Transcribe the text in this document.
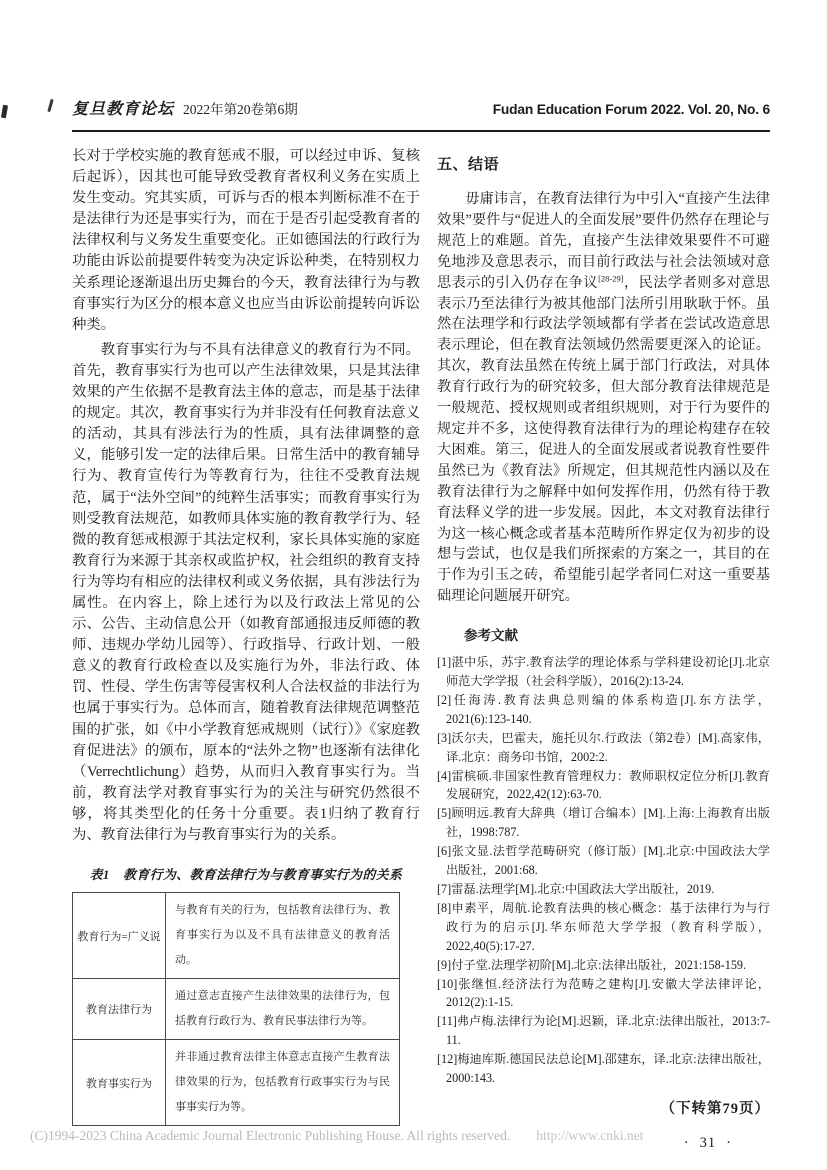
复旦教育论坛 2022年第20卷第6期	Fudan Education Forum 2022. Vol. 20, No. 6

长对于学校实施的教育惩戒不服，可以经过申诉、复核后起诉），因其也可能导致受教育者权利义务在实质上发生变动。究其实质，可诉与否的根本判断标准不在于是法律行为还是事实行为，而在于是否引起受教育者的法律权利与义务发生重要变化。正如德国法的行政行为功能由诉讼前提要件转变为决定诉讼种类，在特别权力关系理论逐渐退出历史舞台的今天，教育法律行为与教育事实行为区分的根本意义也应当由诉讼前提转向诉讼种类。

教育事实行为与不具有法律意义的教育行为不同。首先，教育事实行为也可以产生法律效果，只是其法律效果的产生依据不是教育法主体的意志，而是基于法律的规定。其次，教育事实行为并非没有任何教育法意义的活动，其具有涉法行为的性质，具有法律调整的意义，能够引发一定的法律后果。日常生活中的教育辅导行为、教育宣传行为等教育行为，往往不受教育法规范，属于“法外空间”的纯粹生活事实；而教育事实行为则受教育法规范，如教师具体实施的教育教学行为、轻微的教育惩戒根源于其法定权利，家长具体实施的家庭教育行为来源于其亲权或监护权，社会组织的教育支持行为等均有相应的法律权利或义务依据，具有涉法行为属性。在内容上，除上述行为以及行政法上常见的公示、公告、主动信息公开（如教育部通报违反师德的教师、违规办学幼儿园等）、行政指导、行政计划、一般意义的教育行政检查以及实施行为外，非法行政、体罚、性侵、学生伤害等侵害权利人合法权益的非法行为也属于事实行为。总体而言，随着教育法律规范调整范围的扩张，如《中小学教育惩戒规则（试行）》《家庭教育促进法》的颁布，原本的“法外之物”也逐渐有法律化（Verrechtlichung）趋势，从而归入教育事实行为。当前，教育法学对教育事实行为的关注与研究仍然很不够，将其类型化的任务十分重要。表1归纳了教育行为、教育法律行为与教育事实行为的关系。

表1　教育行为、教育法律行为与教育事实行为的关系
教育行为=广义说	与教育有关的行为，包括教育法律行为、教育事实行为以及不具有法律意义的教育活动。
教育法律行为	通过意志直接产生法律效果的法律行为，包括教育行政行为、教育民事法律行为等。
教育事实行为	并非通过教育法律主体意志直接产生教育法律效果的行为，包括教育行政事实行为与民事事实行为等。
五、结语

毋庸讳言，在教育法律行为中引入“直接产生法律效果”要件与“促进人的全面发展”要件仍然存在理论与规范上的难题。首先，直接产生法律效果要件不可避免地涉及意思表示，而目前行政法与社会法领域对意思表示的引入仍存在争议[28-29]，民法学者则多对意思表示乃至法律行为被其他部门法所引用耿耿于怀。虽然在法理学和行政法学领域都有学者在尝试改造意思表示理论，但在教育法领域仍然需要更深入的论证。其次，教育法虽然在传统上属于部门行政法，对具体教育行政行为的研究较多，但大部分教育法律规范是一般规范、授权规则或者组织规则，对于行为要件的规定并不多，这使得教育法律行为的理论构建存在较大困难。第三，促进人的全面发展或者说教育性要件虽然已为《教育法》所规定，但其规范性内涵以及在教育法律行为之解释中如何发挥作用，仍然有待于教育法释义学的进一步发展。因此，本文对教育法律行为这一核心概念或者基本范畴所作界定仅为初步的设想与尝试，也仅是我们所探索的方案之一，其目的在于作为引玉之砖，希望能引起学者同仁对这一重要基础理论问题展开研究。

参考文献

[1]湛中乐，苏宇.教育法学的理论体系与学科建设初论[J].北京师范大学学报（社会科学版），2016(2):13-24.

[2]任海涛.教育法典总则编的体系构造[J].东方法学，2021(6):123-140.

[3]沃尔夫，巴霍夫，施托贝尔.行政法（第2卷）[M].高家伟，译.北京：商务印书馆，2002:2.

[4]雷槟硕.非国家性教育管理权力：教师职权定位分析[J].教育发展研究，2022,42(12):63-70.

[5]顾明远.教育大辞典（增订合编本）[M].上海:上海教育出版社，1998:787.

[6]张文显.法哲学范畴研究（修订版）[M].北京:中国政法大学出版社，2001:68.

[7]雷磊.法理学[M].北京:中国政法大学出版社，2019.

[8]申素平，周航.论教育法典的核心概念：基于法律行为与行政行为的启示[J].华东师范大学学报（教育科学版），2022,40(5):17-27.

[9]付子堂.法理学初阶[M].北京:法律出版社，2021:158-159.

[10]张继恒.经济法行为范畴之建构[J].安徽大学法律评论，2012(2):1-15.

[11]弗卢梅.法律行为论[M].迟颖，译.北京:法律出版社，2013:7-11.

[12]梅迪库斯.德国民法总论[M].邵建东，译.北京:法律出版社，2000:143.

（下转第79页）
· 31 ·
(C)1994-2023 China Academic Journal Electronic Publishing House. All rights reserved. http://www.cnki.net
